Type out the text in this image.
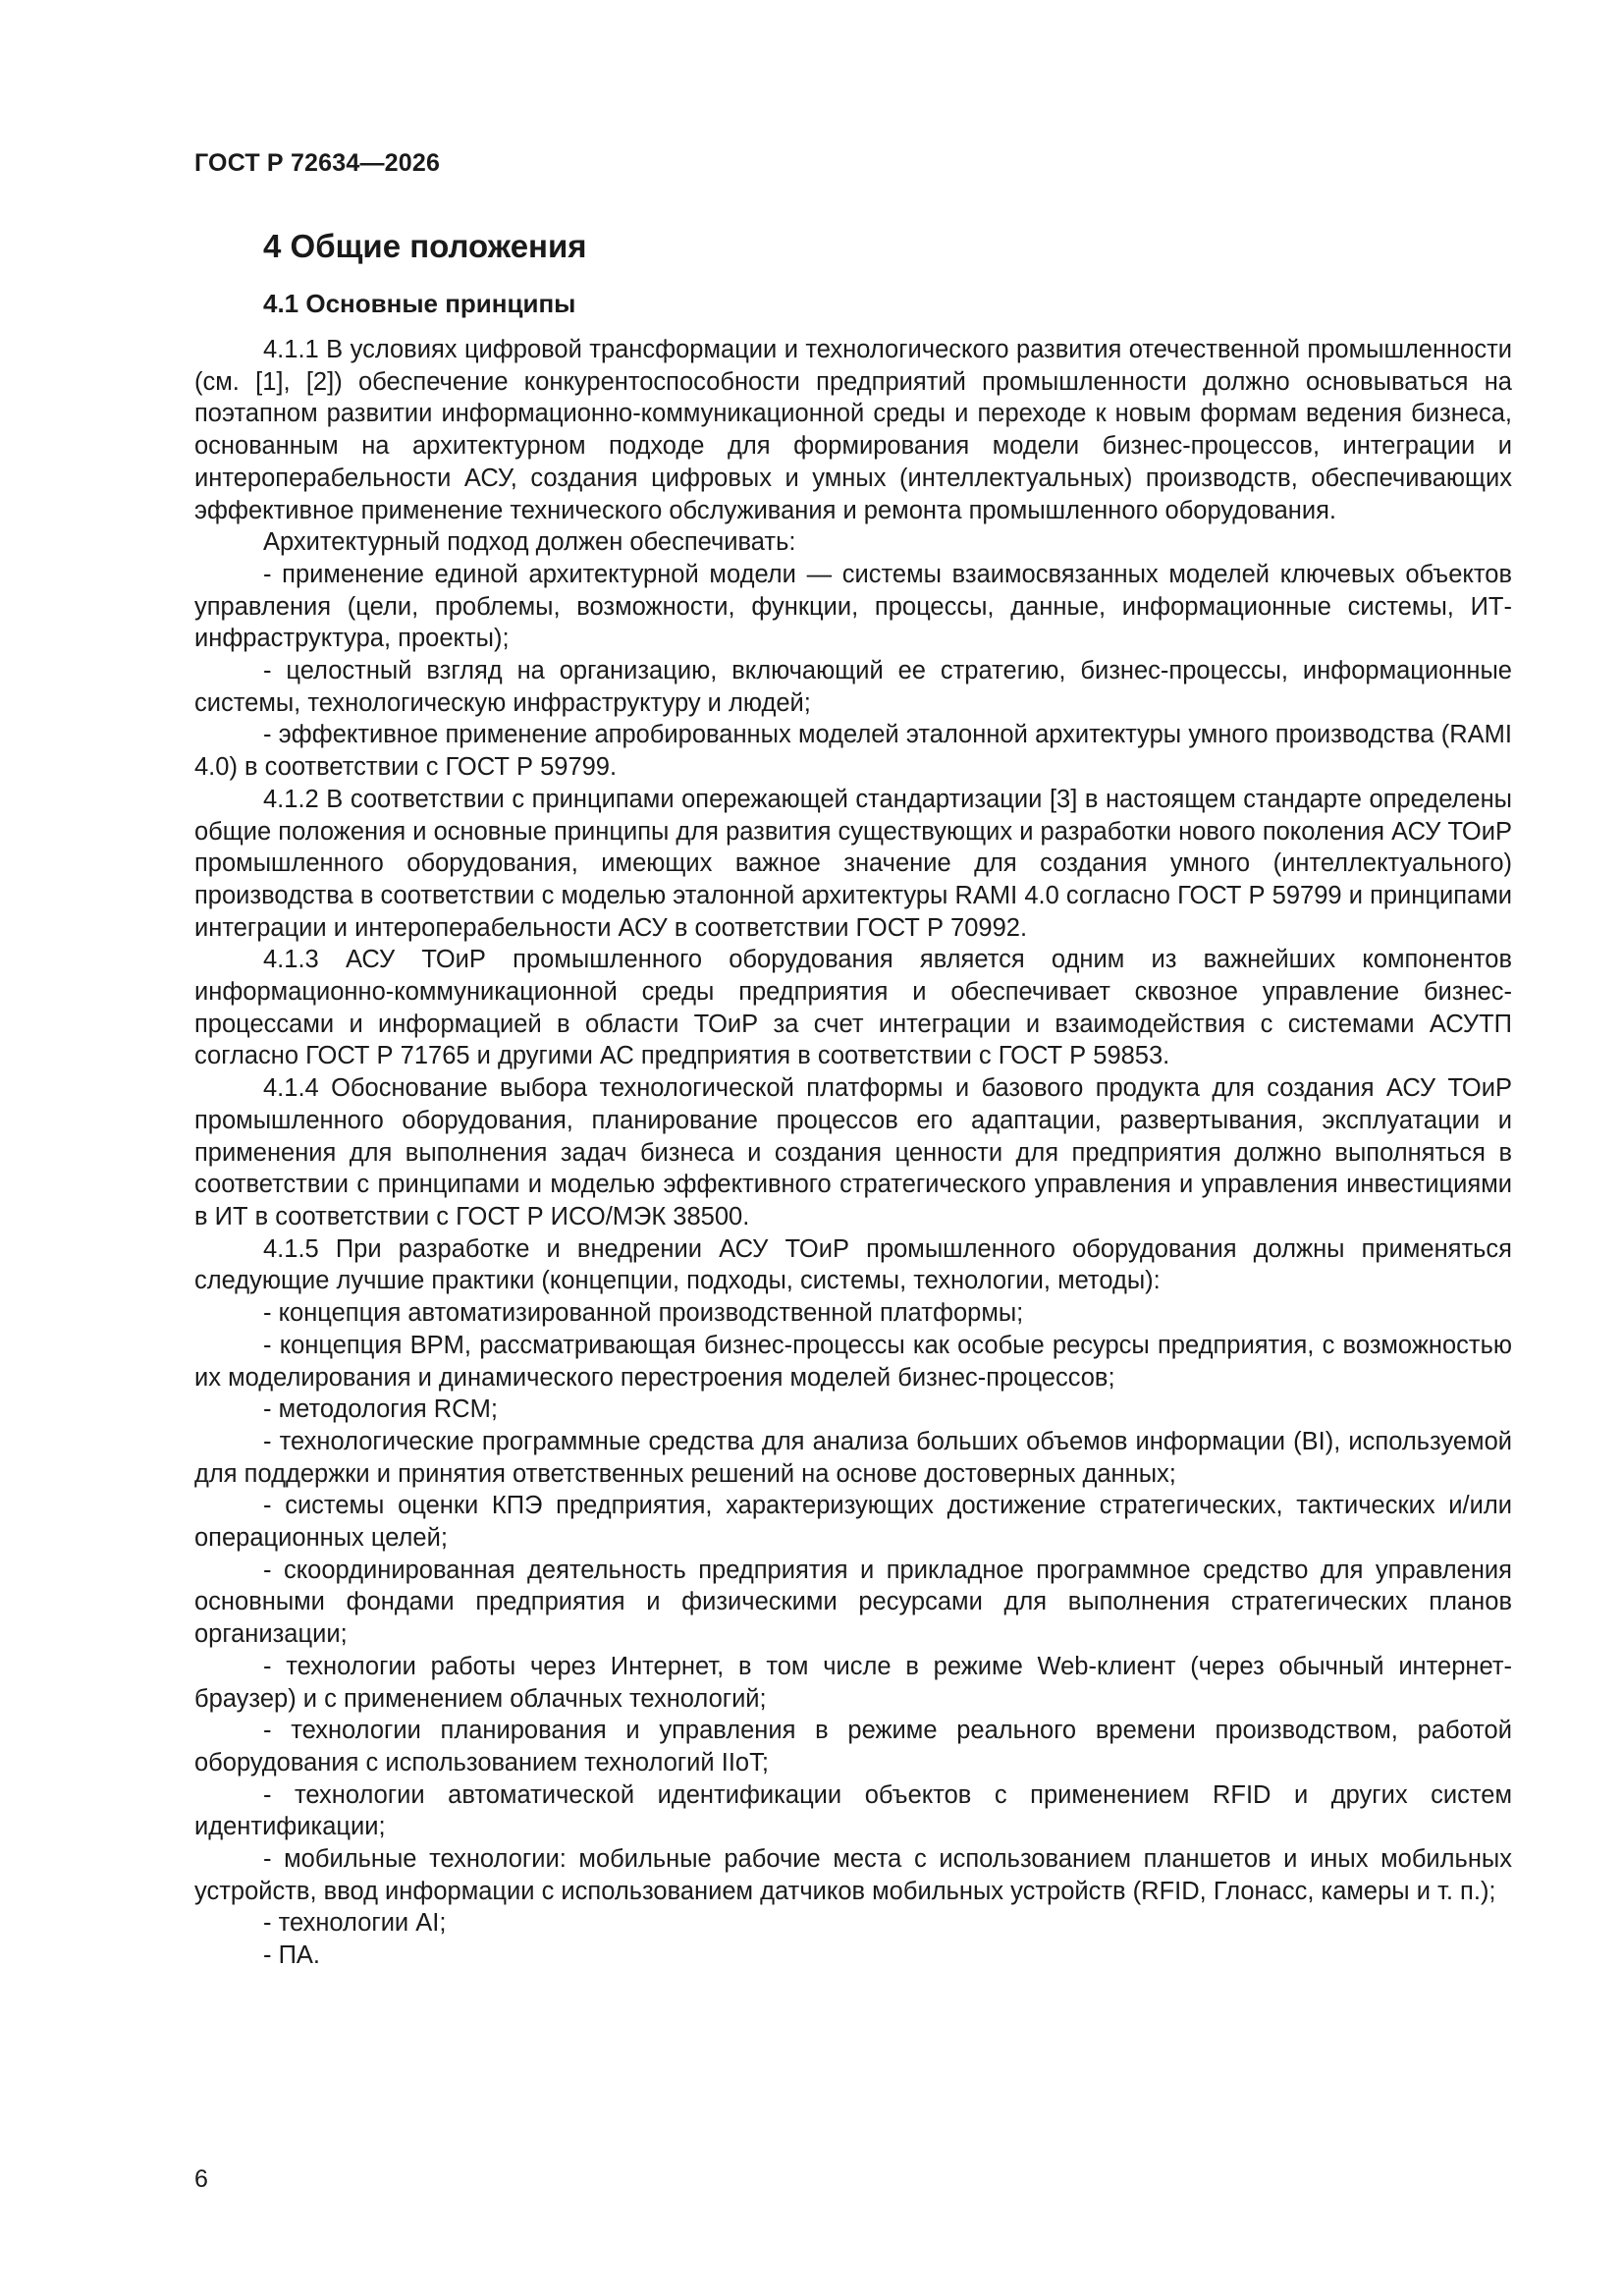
ГОСТ Р 72634—2026
4 Общие положения
4.1 Основные принципы

4.1.1 В условиях цифровой трансформации и технологического развития отечественной промышленности (см. [1], [2]) обеспечение конкурентоспособности предприятий промышленности должно основываться на поэтапном развитии информационно-коммуникационной среды и переходе к новым формам ведения бизнеса, основанным на архитектурном подходе для формирования модели бизнес-процессов, интеграции и интероперабельности АСУ, создания цифровых и умных (интеллектуальных) производств, обеспечивающих эффективное применение технического обслуживания и ремонта промышленного оборудования.

Архитектурный подход должен обеспечивать:

- применение единой архитектурной модели — системы взаимосвязанных моделей ключевых объектов управления (цели, проблемы, возможности, функции, процессы, данные, информационные системы, ИТ-инфраструктура, проекты);

- целостный взгляд на организацию, включающий ее стратегию, бизнес-процессы, информационные системы, технологическую инфраструктуру и людей;

- эффективное применение апробированных моделей эталонной архитектуры умного производства (RAMI 4.0) в соответствии с ГОСТ Р 59799.

4.1.2 В соответствии с принципами опережающей стандартизации [3] в настоящем стандарте определены общие положения и основные принципы для развития существующих и разработки нового поколения АСУ ТОиР промышленного оборудования, имеющих важное значение для создания умного (интеллектуального) производства в соответствии с моделью эталонной архитектуры RAMI 4.0 согласно ГОСТ Р 59799 и принципами интеграции и интероперабельности АСУ в соответствии ГОСТ Р 70992.

4.1.3 АСУ ТОиР промышленного оборудования является одним из важнейших компонентов информационно-коммуникационной среды предприятия и обеспечивает сквозное управление бизнес-процессами и информацией в области ТОиР за счет интеграции и взаимодействия с системами АСУТП согласно ГОСТ Р 71765 и другими АС предприятия в соответствии с ГОСТ Р 59853.

4.1.4 Обоснование выбора технологической платформы и базового продукта для создания АСУ ТОиР промышленного оборудования, планирование процессов его адаптации, развертывания, эксплуатации и применения для выполнения задач бизнеса и создания ценности для предприятия должно выполняться в соответствии с принципами и моделью эффективного стратегического управления и управления инвестициями в ИТ в соответствии с ГОСТ Р ИСО/МЭК 38500.

4.1.5 При разработке и внедрении АСУ ТОиР промышленного оборудования должны применяться следующие лучшие практики (концепции, подходы, системы, технологии, методы):

- концепция автоматизированной производственной платформы;

- концепция BPM, рассматривающая бизнес-процессы как особые ресурсы предприятия, с возможностью их моделирования и динамического перестроения моделей бизнес-процессов;

- методология RCM;

- технологические программные средства для анализа больших объемов информации (BI), используемой для поддержки и принятия ответственных решений на основе достоверных данных;

- системы оценки КПЭ предприятия, характеризующих достижение стратегических, тактических и/или операционных целей;

- скоординированная деятельность предприятия и прикладное программное средство для управления основными фондами предприятия и физическими ресурсами для выполнения стратегических планов организации;

- технологии работы через Интернет, в том числе в режиме Web-клиент (через обычный интернет-браузер) и с применением облачных технологий;

- технологии планирования и управления в режиме реального времени производством, работой оборудования с использованием технологий IIoT;

- технологии автоматической идентификации объектов с применением RFID и других систем идентификации;

- мобильные технологии: мобильные рабочие места с использованием планшетов и иных мобильных устройств, ввод информации с использованием датчиков мобильных устройств (RFID, Глонасс, камеры и т. п.);

- технологии AI;

- ПА.

6
